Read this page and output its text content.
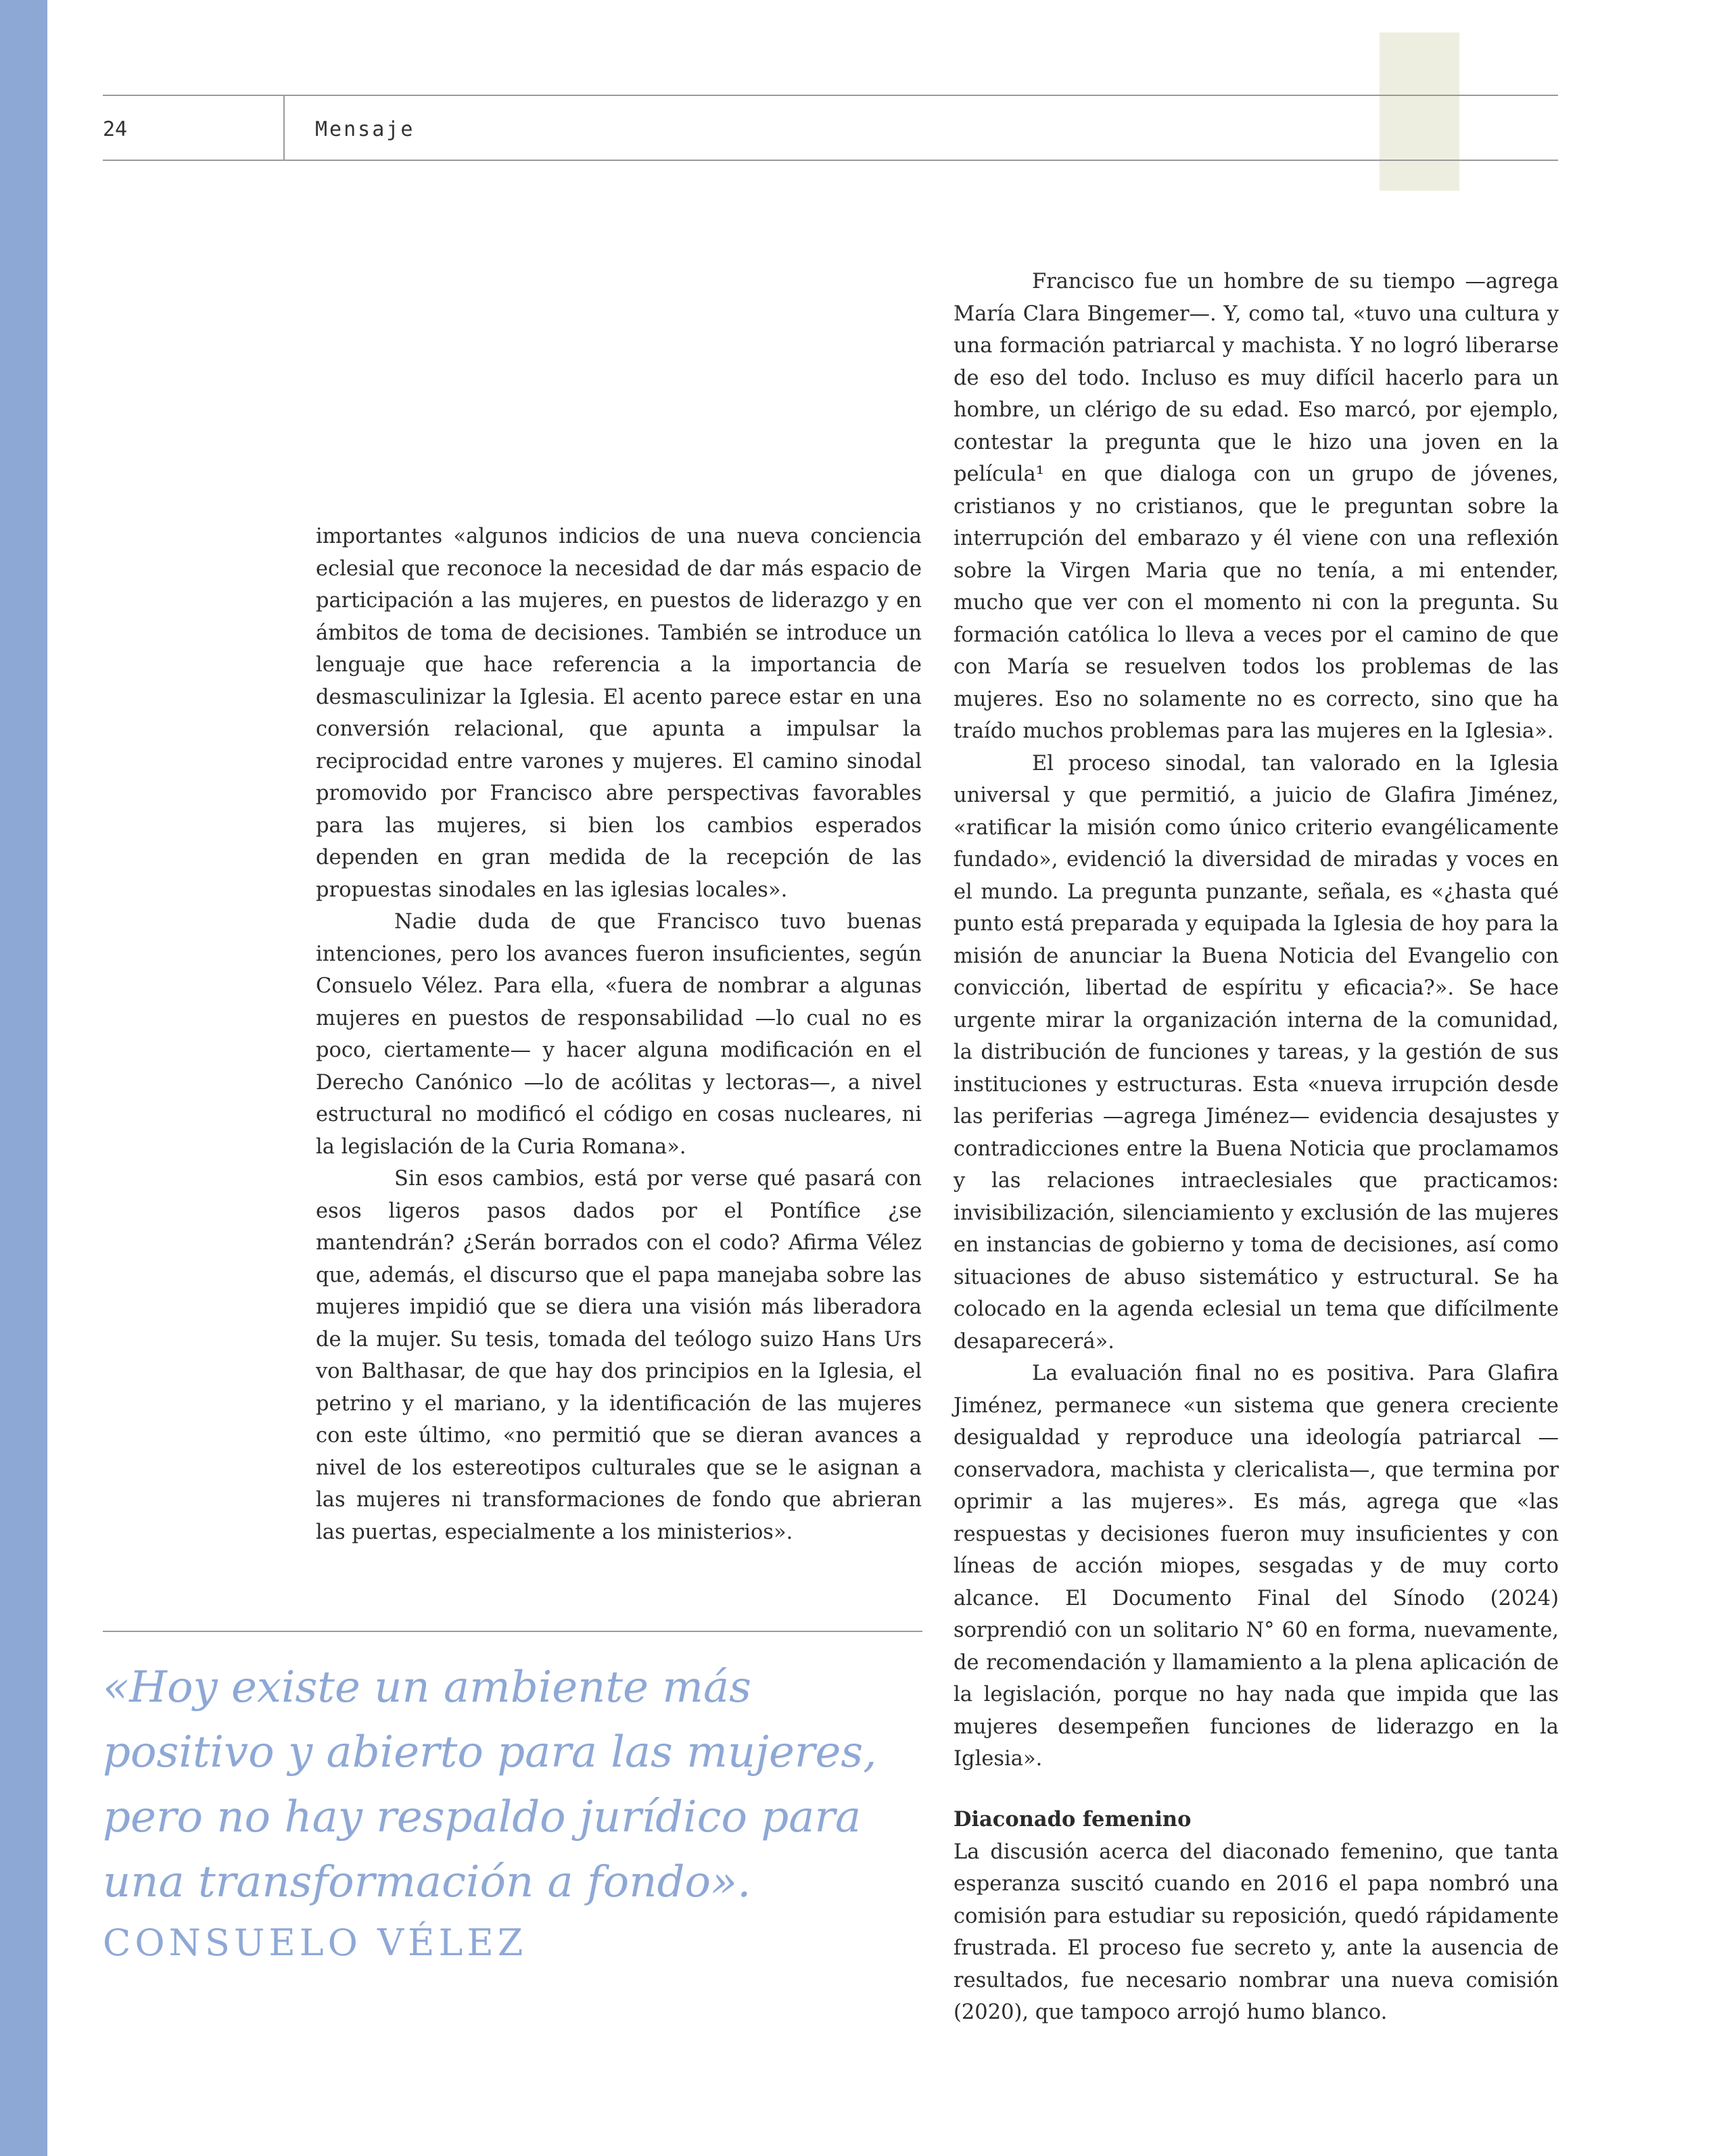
24	Mensaje

importantes «algunos indicios de una nueva conciencia eclesial que reconoce la necesidad de dar más espacio de participación a las mujeres, en puestos de liderazgo y en ámbitos de toma de decisiones. También se introduce un lenguaje que hace referencia a la importancia de desmasculinizar la Iglesia. El acento parece estar en una conversión relacional, que apunta a impulsar la reciprocidad entre varones y mujeres. El camino sinodal promovido por Francisco abre perspectivas favorables para las mujeres, si bien los cambios esperados dependen en gran medida de la recepción de las propuestas sinodales en las iglesias locales».

Nadie duda de que Francisco tuvo buenas intenciones, pero los avances fueron insuficientes, según Consuelo Vélez. Para ella, «fuera de nombrar a algunas mujeres en puestos de responsabilidad —lo cual no es poco, ciertamente— y hacer alguna modificación en el Derecho Canónico —lo de acólitas y lectoras—, a nivel estructural no modificó el código en cosas nucleares, ni la legislación de la Curia Romana».

Sin esos cambios, está por verse qué pasará con esos ligeros pasos dados por el Pontífice ¿se mantendrán? ¿Serán borrados con el codo? Afirma Vélez que, además, el discurso que el papa manejaba sobre las mujeres impidió que se diera una visión más liberadora de la mujer. Su tesis, tomada del teólogo suizo Hans Urs von Balthasar, de que hay dos principios en la Iglesia, el petrino y el mariano, y la identificación de las mujeres con este último, «no permitió que se dieran avances a nivel de los estereotipos culturales que se le asignan a las mujeres ni transformaciones de fondo que abrieran las puertas, especialmente a los ministerios».

Francisco fue un hombre de su tiempo —agrega María Clara Bingemer—. Y, como tal, «tuvo una cultura y una formación patriarcal y machista. Y no logró liberarse de eso del todo. Incluso es muy difícil hacerlo para un hombre, un clérigo de su edad. Eso marcó, por ejemplo, contestar la pregunta que le hizo una joven en la película¹ en que dialoga con un grupo de jóvenes, cristianos y no cristianos, que le preguntan sobre la interrupción del embarazo y él viene con una reflexión sobre la Virgen Maria que no tenía, a mi entender, mucho que ver con el momento ni con la pregunta. Su formación católica lo lleva a veces por el camino de que con María se resuelven todos los problemas de las mujeres. Eso no solamente no es correcto, sino que ha traído muchos problemas para las mujeres en la Iglesia».

El proceso sinodal, tan valorado en la Iglesia universal y que permitió, a juicio de Glafira Jiménez, «ratificar la misión como único criterio evangélicamente fundado», evidenció la diversidad de miradas y voces en el mundo. La pregunta punzante, señala, es «¿hasta qué punto está preparada y equipada la Iglesia de hoy para la misión de anunciar la Buena Noticia del Evangelio con convicción, libertad de espíritu y eficacia?». Se hace urgente mirar la organización interna de la comunidad, la distribución de funciones y tareas, y la gestión de sus instituciones y estructuras. Esta «nueva irrupción desde las periferias —agrega Jiménez— evidencia desajustes y contradicciones entre la Buena Noticia que proclamamos y las relaciones intraeclesiales que practicamos: invisibilización, silenciamiento y exclusión de las mujeres en instancias de gobierno y toma de decisiones, así como situaciones de abuso sistemático y estructural. Se ha colocado en la agenda eclesial un tema que difícilmente desaparecerá».

La evaluación final no es positiva. Para Glafira Jiménez, permanece «un sistema que genera creciente desigualdad y reproduce una ideología patriarcal —conservadora, machista y clericalista—, que termina por oprimir a las mujeres». Es más, agrega que «las respuestas y decisiones fueron muy insuficientes y con líneas de acción miopes, sesgadas y de muy corto alcance. El Documento Final del Sínodo (2024) sorprendió con un solitario N° 60 en forma, nuevamente, de recomendación y llamamiento a la plena aplicación de la legislación, porque no hay nada que impida que las mujeres desempeñen funciones de liderazgo en la Iglesia».

Diaconado femenino

La discusión acerca del diaconado femenino, que tanta esperanza suscitó cuando en 2016 el papa nombró una comisión para estudiar su reposición, quedó rápidamente frustrada. El proceso fue secreto y, ante la ausencia de resultados, fue necesario nombrar una nueva comisión (2020), que tampoco arrojó humo blanco.

«Hoy existe un ambiente más positivo y abierto para las mujeres, pero no hay respaldo jurídico para una transformación a fondo».

CONSUELO VÉLEZ
